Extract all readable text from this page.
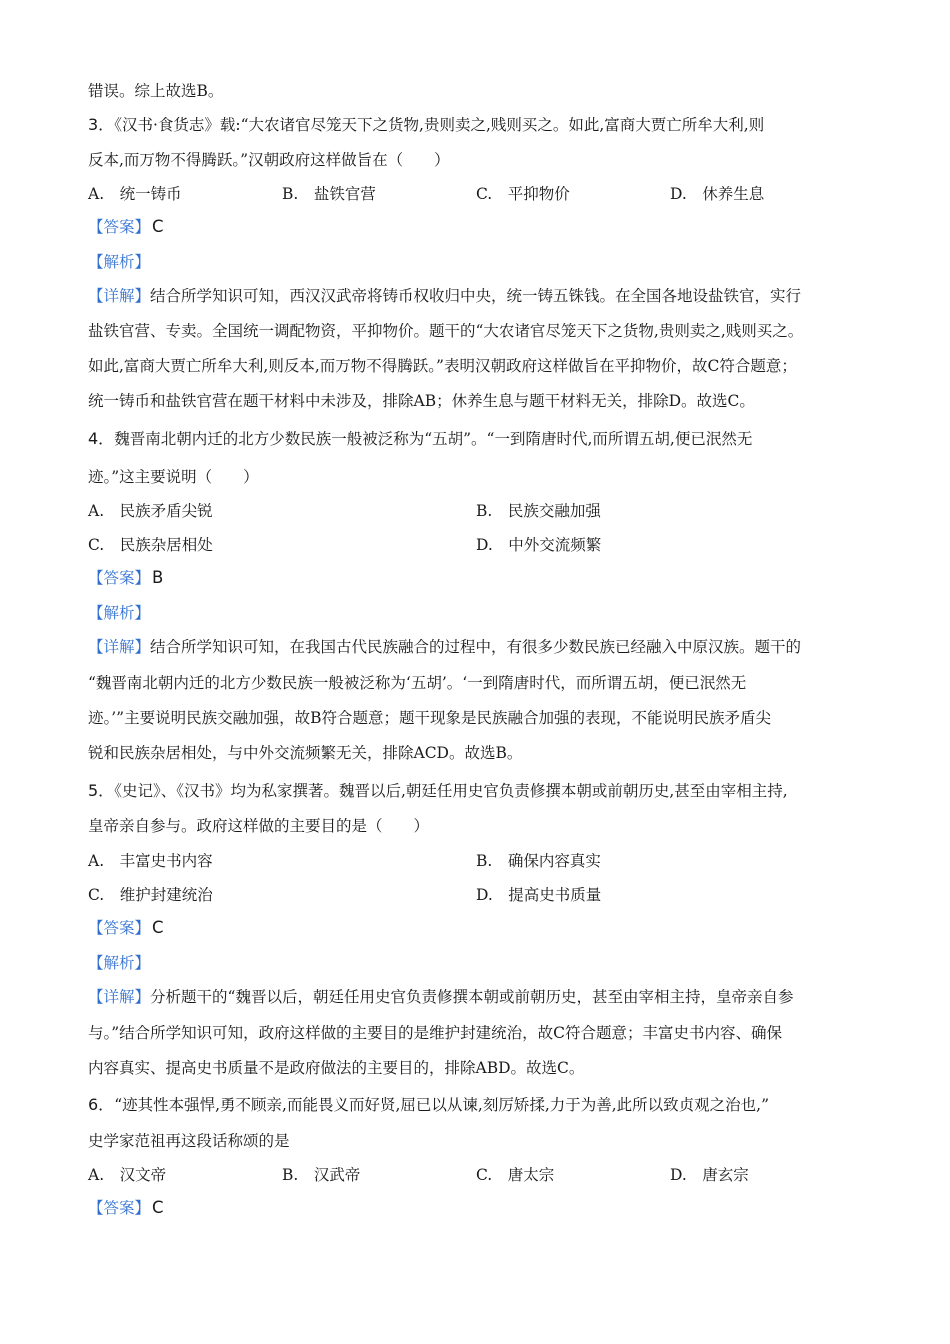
错误。综上故选B。
3．《汉书·食货志》载:“大农诸官尽笼天下之货物,贵则卖之,贱则买之。如此,富商大贾亡所牟大利,则
反本,而万物不得腾跃。”汉朝政府这样做旨在（　　）
A.　统一铸币	B.　盐铁官营	C.　平抑物价	D.　休养生息
【答案】 C
【解析】
【详解】结合所学知识可知，西汉汉武帝将铸币权收归中央，统一铸五铢钱。在全国各地设盐铁官，实行
盐铁官营、专卖。全国统一调配物资，平抑物价。题干的“大农诸官尽笼天下之货物,贵则卖之,贱则买之。
如此,富商大贾亡所牟大利,则反本,而万物不得腾跃。”表明汉朝政府这样做旨在平抑物价，故C符合题意；
统一铸币和盐铁官营在题干材料中未涉及，排除AB；休养生息与题干材料无关，排除D。故选C。
4．魏晋南北朝内迁的北方少数民族一般被泛称为“五胡”。“一到隋唐时代,而所谓五胡,便已泯然无
迹。”这主要说明（　　）
A.　民族矛盾尖锐	B.　民族交融加强
C.　民族杂居相处	D.　中外交流频繁
【答案】 B
【解析】
【详解】结合所学知识可知，在我国古代民族融合的过程中，有很多少数民族已经融入中原汉族。题干的
“魏晋南北朝内迁的北方少数民族一般被泛称为‘五胡’。‘一到隋唐时代，而所谓五胡，便已泯然无
迹。’”主要说明民族交融加强，故B符合题意；题干现象是民族融合加强的表现，不能说明民族矛盾尖
锐和民族杂居相处，与中外交流频繁无关，排除ACD。故选B。
5．《史记》、《汉书》均为私家撰著。魏晋以后,朝廷任用史官负责修撰本朝或前朝历史,甚至由宰相主持,
皇帝亲自参与。政府这样做的主要目的是（　　）
A.　丰富史书内容	B.　确保内容真实
C.　维护封建统治	D.　提高史书质量
【答案】 C
【解析】
【详解】分析题干的“魏晋以后，朝廷任用史官负责修撰本朝或前朝历史，甚至由宰相主持，皇帝亲自参
与。”结合所学知识可知，政府这样做的主要目的是维护封建统治，故C符合题意；丰富史书内容、确保
内容真实、提高史书质量不是政府做法的主要目的，排除ABD。故选C。
6．“迹其性本强悍,勇不顾亲,而能畏义而好贤,屈已以从谏,刻厉矫揉,力于为善,此所以致贞观之治也,”
史学家范祖再这段话称颂的是
A.　汉文帝	B.　汉武帝	C.　唐太宗	D.　唐玄宗
【答案】 C
